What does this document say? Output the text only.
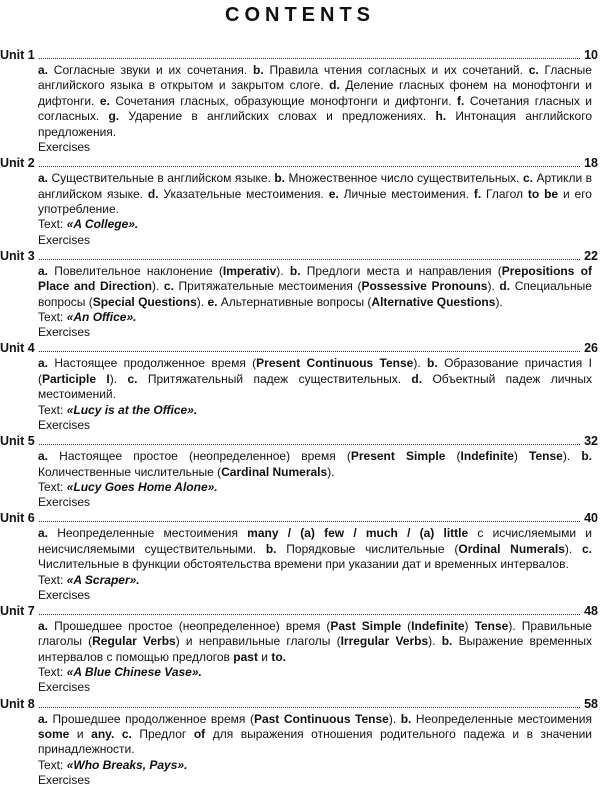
CONTENTS
Unit 1	10
a. Согласные звуки и их сочетания. b. Правила чтения согласных и их сочетаний. c. Гласные английского языка в открытом и закрытом слоге. d. Деление гласных фонем на монофтонги и дифтонги. e. Сочетания гласных, образующие монофтонги и дифтонги. f. Сочетания гласных и согласных. g. Ударение в английских словах и предложениях. h. Интонация английского предложения.
Exercises
Unit 2	18
a. Существительные в английском языке. b. Множественное число существительных. c. Артикли в английском языке. d. Указательные местоимения. e. Личные местоимения. f. Глагол to be и его употребление.
Text: «A College».
Exercises
Unit 3	22
a. Повелительное наклонение (Imperativ). b. Предлоги места и направления (Prepositions of Place and Direction). c. Притяжательные местоимения (Possessive Pronouns). d. Специальные вопросы (Special Questions). e. Альтернативные вопросы (Alternative Questions).
Text: «An Office».
Exercises
Unit 4	26
a. Настоящее продолженное время (Present Continuous Tense). b. Образование причастия I (Participle I). c. Притяжательный падеж существительных. d. Объектный падеж личных местоимений.
Text: «Lucy is at the Office».
Exercises
Unit 5	32
a. Настоящее простое (неопределенное) время (Present Simple (Indefinite) Tense). b. Количественные числительные (Cardinal Numerals).
Text: «Lucy Goes Home Alone».
Exercises
Unit 6	40
a. Неопределенные местоимения many / (a) few / much / (a) little с исчисляемыми и неисчисляемыми существительными. b. Порядковые числительные (Ordinal Numerals). c. Числительные в функции обстоятельства времени при указании дат и временных интервалов.
Text: «A Scraper».
Exercises
Unit 7	48
a. Прошедшее простое (неопределенное) время (Past Simple (Indefinite) Tense). Правильные глаголы (Regular Verbs) и неправильные глаголы (Irregular Verbs). b. Выражение временных интервалов с помощью предлогов past и to.
Text: «A Blue Chinese Vase».
Exercises
Unit 8	58
a. Прошедшее продолженное время (Past Continuous Tense). b. Неопределенные местоимения some и any. c. Предлог of для выражения отношения родительного падежа и в значении принадлежности.
Text: «Who Breaks, Pays».
Exercises
